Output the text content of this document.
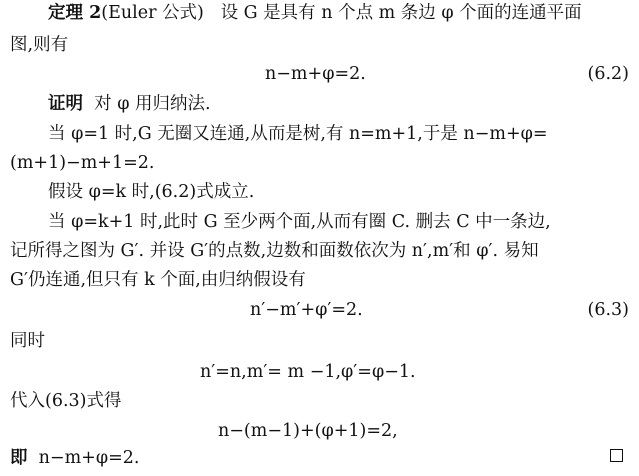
定理 2(Euler 公式) 设 G 是具有 n 个点 m 条边 φ 个面的连通平面
图,则有
n−m+φ=2.	(6.2)
证明 对 φ 用归纳法.
当 φ=1 时,G 无圈又连通,从而是树,有 n=m+1,于是 n−m+φ=
(m+1)−m+1=2.
假设 φ=k 时,(6.2)式成立.
当 φ=k+1 时,此时 G 至少两个面,从而有圈 C. 删去 C 中一条边,
记所得之图为 G′. 并设 G′的点数,边数和面数依次为 n′,m′和 φ′. 易知
G′仍连通,但只有 k 个面,由归纳假设有
n′−m′+φ′=2.	(6.3)
同时
n′=n,m′= m −1,φ′=φ−1.
代入(6.3)式得
n−(m−1)+(φ+1)=2,
即 n−m+φ=2.
